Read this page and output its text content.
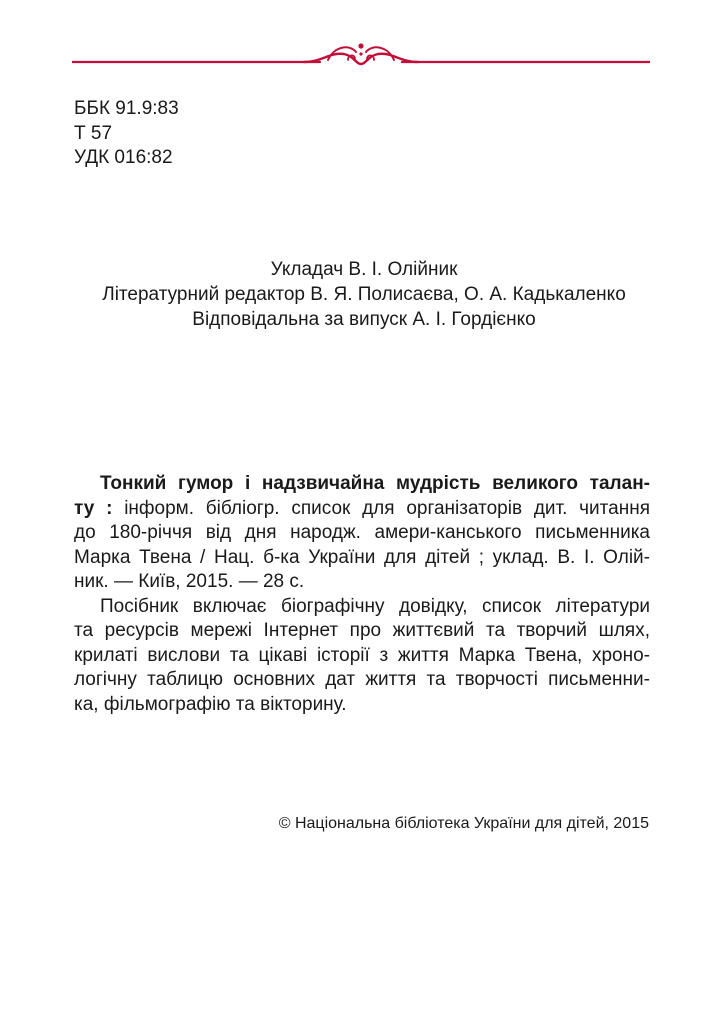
ББК 91.9:83
Т 57
УДК 016:82
Укладач В. І. Олійник
Літературний редактор В. Я. Полисаєва, О. А. Кадькаленко
Відповідальна за випуск А. І. Гордієнко
Тонкий гумор і надзвичайна мудрість великого талан-
ту : інформ. бібліогр. список для організаторів дит. читання
до 180-річчя від дня народж. амери-канського письменника
Марка Твена / Нац. б-ка України для дітей ; уклад. В. І. Олій-
ник. — Київ, 2015. — 28 с.
Посібник включає біографічну довідку, список літератури
та ресурсів мережі Інтернет про життєвий та творчий шлях,
крилаті вислови та цікаві історії з життя Марка Твена, хроно-
логічну таблицю основних дат життя та творчості письменни-
ка, фільмографію та вікторину.
© Національна бібліотека України для дітей, 2015
